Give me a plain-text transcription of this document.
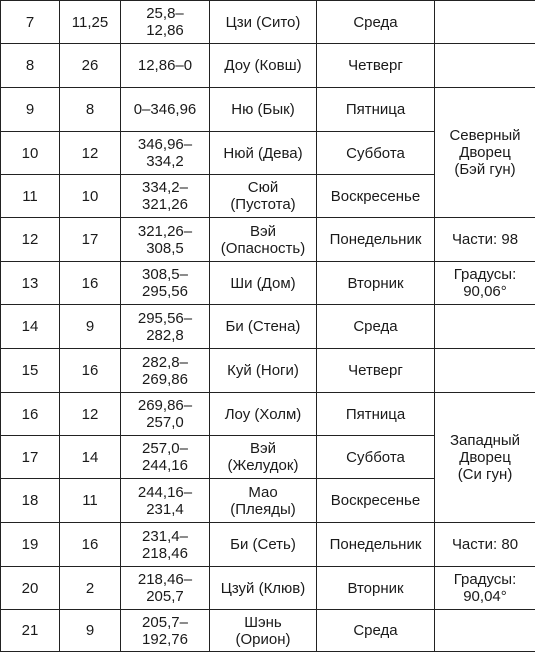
7	11,25	25,8–
12,86	Цзи (Сито)	Среда	

8	26	12,86–0	Доу (Ковш)	Четверг	

9	8	0–346,96	Ню (Бык)	Пятница	Северный
Дворец
(Бэй гун)

10	12	346,96–
334,2	Нюй (Дева)	Суббота	

11	10	334,2–
321,26	Сюй
(Пустота)	Воскресенье	

12	17	321,26–
308,5	Вэй
(Опасность)	Понедельник	Части: 98

13	16	308,5–
295,56	Ши (Дом)	Вторник	Градусы:
90,06°

14	9	295,56–
282,8	Би (Стена)	Среда	

15	16	282,8–
269,86	Куй (Ноги)	Четверг	

16	12	269,86–
257,0	Лоу (Холм)	Пятница	Западный
Дворец
(Си гун)

17	14	257,0–
244,16	Вэй
(Желудок)	Суббота	

18	11	244,16–
231,4	Мао
(Плеяды)	Воскресенье	

19	16	231,4–
218,46	Би (Сеть)	Понедельник	Части: 80

20	2	218,46–
205,7	Цзуй (Клюв)	Вторник	Градусы:
90,04°

21	9	205,7–
192,76	Шэнь
(Орион)	Среда	
